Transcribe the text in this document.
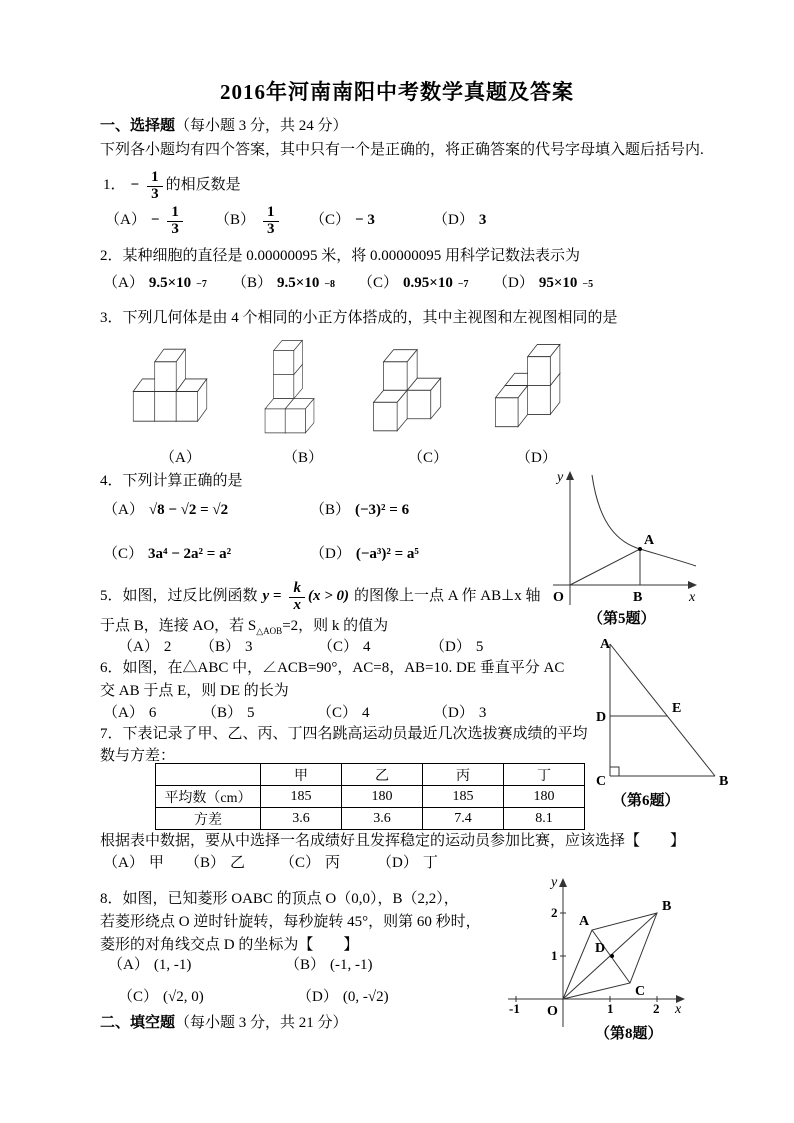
2016年河南南阳中考数学真题及答案
一、选择题（每小题 3 分，共 24 分）
下列各小题均有四个答案，其中只有一个是正确的，将正确答案的代号字母填入题后括号内.
1． − $\frac{1}{3}$ 的相反数是
$(A) - \frac{1}{3} (B) \frac{1}{3} (C) - 3$	（D） 3
2．某种细胞的直径是 0.00000095 米，将 0.00000095 用科学记数法表示为
（A） 9.5×10 −7 （B） 9.5×10 −8 （C） 0.95×10 −7 （D） 95×10 −5
3．下列几何体是由 4 个相同的小正方体搭成的，其中主视图和左视图相同的是
（A）	（B）	（C）	（D）
4．下列计算正确的是
（A） √8 − √2 = √2	（B） (−3)² = 6
（C） 3a⁴ − 2a² = a²	（D） (−a³)² = a⁵
y
x
O
A
B
（第5题）
5．如图，过反比例函数 $y = \frac{k}{x} (x > 0)$ 的图像上一点 A 作 AB⊥x 轴
于点 B，连接 AO，若 $S_{\triangle AOB}=2$，则 k 的值为
（A） 2 （B） 3	（C） 4	（D） 5	A
D
E
C	B
（第6题）
6．如图，在△ABC 中，∠ACB=90°，AC=8，AB=10. DE 垂直平分 AC
交 AB 于点 E，则 DE 的长为
（A） 6	（B） 5	（C） 4	（D） 3
7．下表记录了甲、乙、丙、丁四名跳高运动员最近几次选拔赛成绩的平均
数与方差：
	甲	乙	丙	丁
平均数（cm）	185	180	185	180
方差	3.6	3.6	7.4	8.1
根据表中数据，要从中选择一名成绩好且发挥稳定的运动员参加比赛，应该选择【　　】
（A） 甲 （B） 乙 （C） 丙 （D） 丁
8．如图，已知菱形 OABC 的顶点 O（0,0），B（2,2），
若菱形绕点 O 逆时针旋转，每秒旋转 45°，则第 60 秒时，
菱形的对角线交点 D 的坐标为【　　】
（A） (1, -1)	（B） (-1, -1)
（C） (√2, 0)	（D） (0, -√2)
y
x
O
-1	1	2
1
2
A
B
C
D
（第8题）
二、填空题（每小题 3 分，共 21 分）
